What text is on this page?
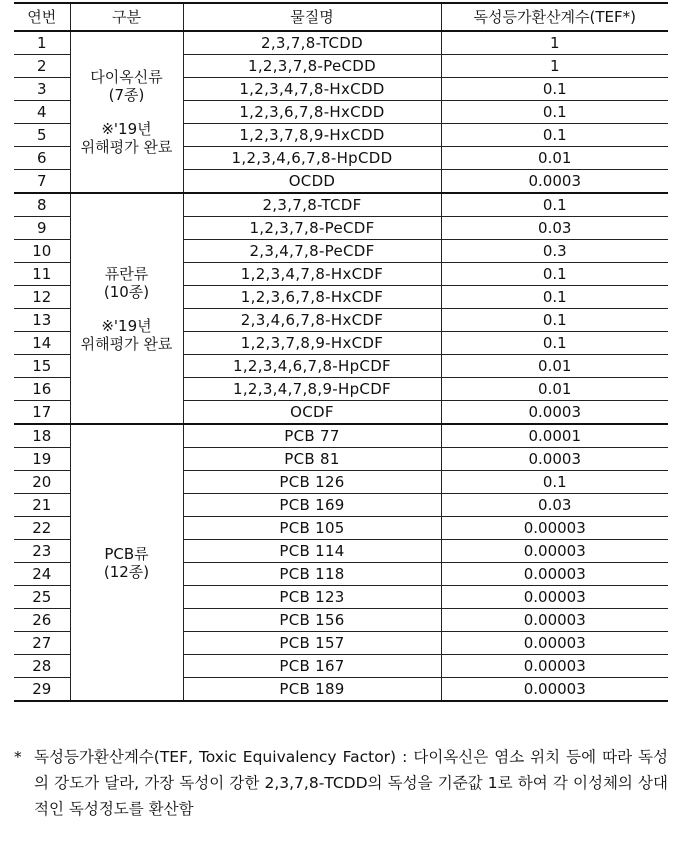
연번	구분	물질명	독성등가환산계수(TEF*)
1	다이옥신류
(7종)
※'19년
위해평가 완료	2,3,7,8-TCDD	1
2		1,2,3,7,8-PeCDD	1
3		1,2,3,4,7,8-HxCDD	0.1
4		1,2,3,6,7,8-HxCDD	0.1
5		1,2,3,7,8,9-HxCDD	0.1
6		1,2,3,4,6,7,8-HpCDD	0.01
7		OCDD	0.0003
8	퓨란류
(10종)
※'19년
위해평가 완료	2,3,7,8-TCDF	0.1
9		1,2,3,7,8-PeCDF	0.03
10		2,3,4,7,8-PeCDF	0.3
11		1,2,3,4,7,8-HxCDF	0.1
12		1,2,3,6,7,8-HxCDF	0.1
13		2,3,4,6,7,8-HxCDF	0.1
14		1,2,3,7,8,9-HxCDF	0.1
15		1,2,3,4,6,7,8-HpCDF	0.01
16		1,2,3,4,7,8,9-HpCDF	0.01
17		OCDF	0.0003
18	PCB류
(12종)	PCB 77	0.0001
19		PCB 81	0.0003
20		PCB 126	0.1
21		PCB 169	0.03
22		PCB 105	0.00003
23		PCB 114	0.00003
24		PCB 118	0.00003
25		PCB 123	0.00003
26		PCB 156	0.00003
27		PCB 157	0.00003
28		PCB 167	0.00003
29		PCB 189	0.00003
* 독성등가환산계수(TEF, Toxic Equivalency Factor) : 다이옥신은 염소 위치 등에 따라 독성의 강도가 달라, 가장 독성이 강한 2,3,7,8-TCDD의 독성을 기준값 1로 하여 각 이성체의 상대적인 독성정도를 환산함
